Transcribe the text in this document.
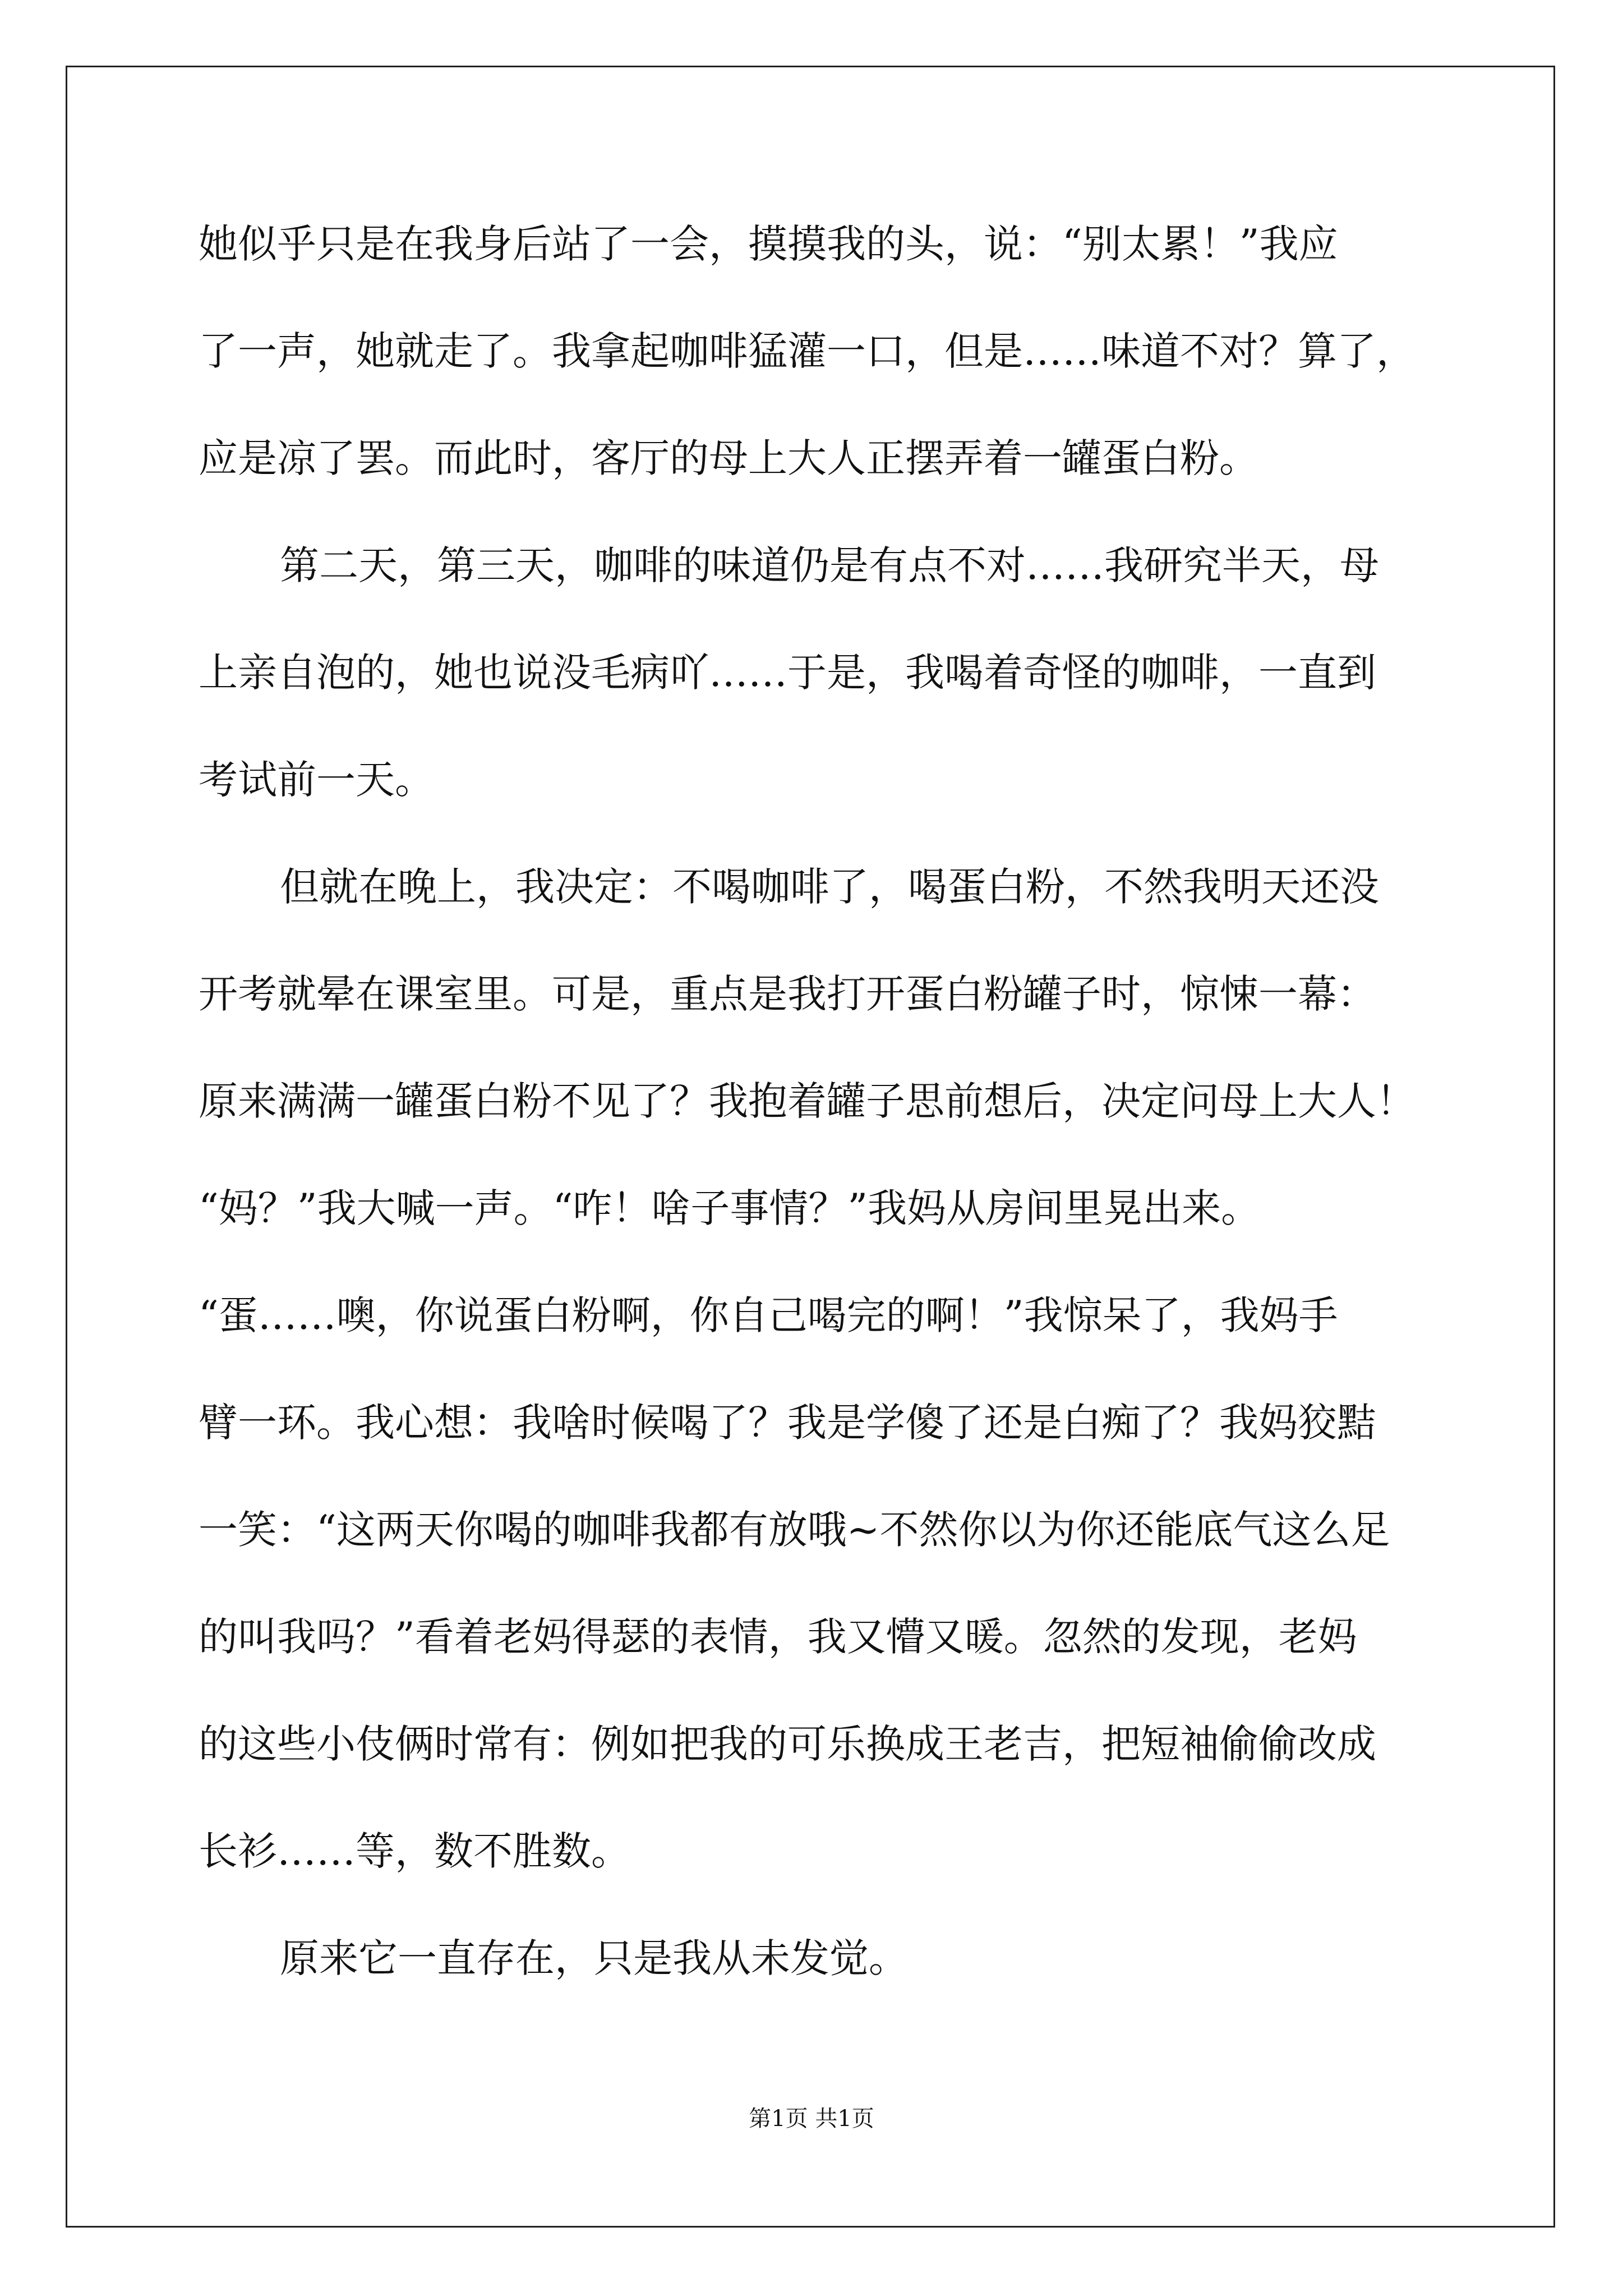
她似乎只是在我身后站了一会，摸摸我的头，说：“别太累！”我应
了一声，她就走了。我拿起咖啡猛灌一口，但是……味道不对？算了，
应是凉了罢。而此时，客厅的母上大人正摆弄着一罐蛋白粉。
第二天，第三天，咖啡的味道仍是有点不对……我研究半天，母
上亲自泡的，她也说没毛病吖……于是，我喝着奇怪的咖啡，一直到
考试前一天。
但就在晚上，我决定：不喝咖啡了，喝蛋白粉，不然我明天还没
开考就晕在课室里。可是，重点是我打开蛋白粉罐子时，惊悚一幕：
原来满满一罐蛋白粉不见了？我抱着罐子思前想后，决定问母上大人！
“妈？”我大喊一声。“咋！啥子事情？”我妈从房间里晃出来。
“蛋……噢，你说蛋白粉啊，你自己喝完的啊！”我惊呆了，我妈手
臂一环。我心想：我啥时候喝了？我是学傻了还是白痴了？我妈狡黠
一笑：“这两天你喝的咖啡我都有放哦~不然你以为你还能底气这么足
的叫我吗？”看着老妈得瑟的表情，我又懵又暖。忽然的发现，老妈
的这些小伎俩时常有：例如把我的可乐换成王老吉，把短袖偷偷改成
长衫……等，数不胜数。
原来它一直存在，只是我从未发觉。
第1页 共1页
